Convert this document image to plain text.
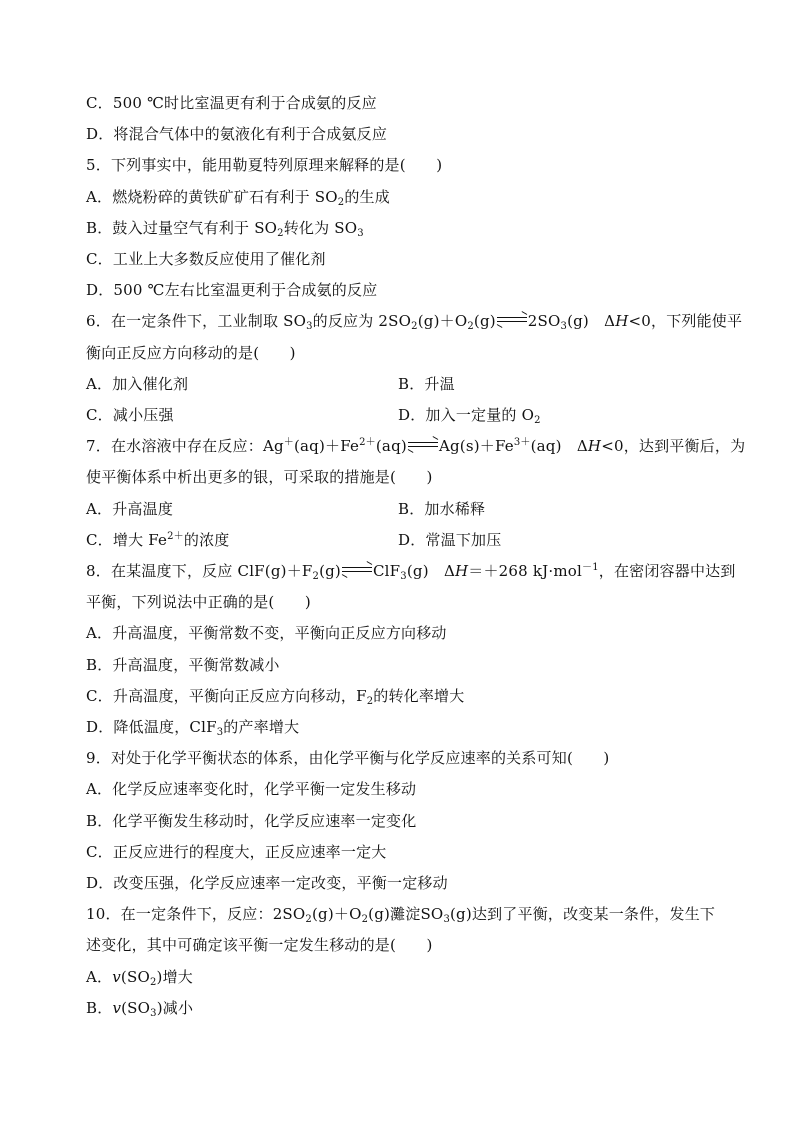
C．500 ℃时比室温更有利于合成氨的反应
D．将混合气体中的氨液化有利于合成氨反应
5．下列事实中，能用勒夏特列原理来解释的是(　　)
A．燃烧粉碎的黄铁矿矿石有利于 $SO_2$的生成
B．鼓入过量空气有利于 $SO_2$转化为 $SO_3$
C．工业上大多数反应使用了催化剂
D．500 ℃左右比室温更利于合成氨的反应
6．在一定条件下，工业制取 $SO_3$的反应为 $2SO_2(g)+O_2(g)$ $2SO_3(g)$　ΔH<0，下列能使平
衡向正反应方向移动的是(　　)
A．加入催化剂	B．升温
C．减小压强	D．加入一定量的 $O_2$
7．在水溶液中存在反应：$Ag^+(aq)+Fe^{2+}(aq)$ $Ag(s)+Fe^{3+}(aq)$　ΔH<0，达到平衡后，为
使平衡体系中析出更多的银，可采取的措施是(　　)
A．升高温度	B．加水稀释
C．增大 $Fe^{2+}$的浓度	D．常温下加压
8．在某温度下，反应 $ClF(g)+F_2(g)$ ClF$_3$(g)　ΔH＝＋268 kJ·mol$^{-1}$，在密闭容器中达到
平衡，下列说法中正确的是(　　)
A．升高温度，平衡常数不变，平衡向正反应方向移动
B．升高温度，平衡常数减小
C．升高温度，平衡向正反应方向移动，$F_2$的转化率增大
D．降低温度，ClF$_3$的产率增大
9．对处于化学平衡状态的体系，由化学平衡与化学反应速率的关系可知(　　)
A．化学反应速率变化时，化学平衡一定发生移动
B．化学平衡发生移动时，化学反应速率一定变化
C．正反应进行的程度大，正反应速率一定大
D．改变压强，化学反应速率一定改变，平衡一定移动
10．在一定条件下，反应：$2SO_2(g)+O_2(g)$灘淀$SO_3(g)$达到了平衡，改变某一条件，发生下
述变化，其中可确定该平衡一定发生移动的是(　　)
A．$v(SO_2)$增大
B．$v(SO_3)$减小
